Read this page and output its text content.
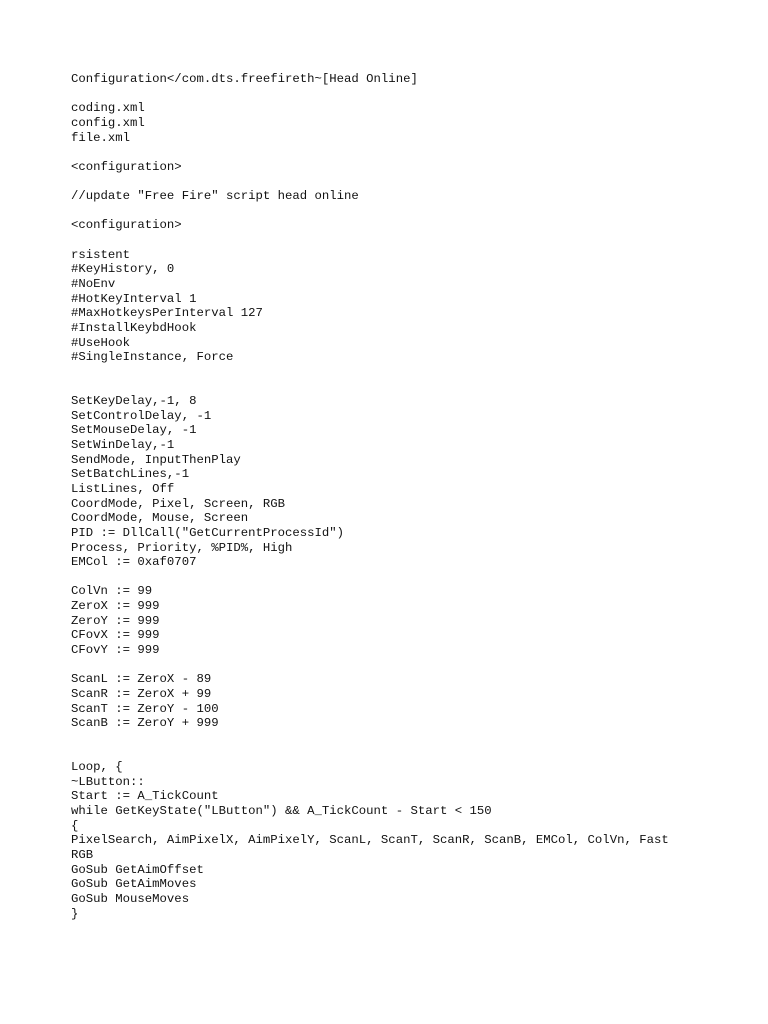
Configuration</com.dts.freefireth~[Head Online]
coding.xml
config.xml
file.xml
<configuration>
//update "Free Fire" script head online
<configuration>
rsistent
#KeyHistory, 0
#NoEnv
#HotKeyInterval 1
#MaxHotkeysPerInterval 127
#InstallKeybdHook
#UseHook
#SingleInstance, Force
SetKeyDelay,-1, 8
SetControlDelay, -1
SetMouseDelay, -1
SetWinDelay,-1
SendMode, InputThenPlay
SetBatchLines,-1
ListLines, Off
CoordMode, Pixel, Screen, RGB
CoordMode, Mouse, Screen
PID := DllCall("GetCurrentProcessId")
Process, Priority, %PID%, High
EMCol := 0xaf0707
ColVn := 99
ZeroX := 999
ZeroY := 999
CFovX := 999
CFovY := 999
ScanL := ZeroX - 89
ScanR := ZeroX + 99
ScanT := ZeroY - 100
ScanB := ZeroY + 999
Loop, {
~LButton::
Start := A_TickCount
while GetKeyState("LButton") && A_TickCount - Start < 150
{
PixelSearch, AimPixelX, AimPixelY, ScanL, ScanT, ScanR, ScanB, EMCol, ColVn, Fast
RGB
GoSub GetAimOffset
GoSub GetAimMoves
GoSub MouseMoves
}
